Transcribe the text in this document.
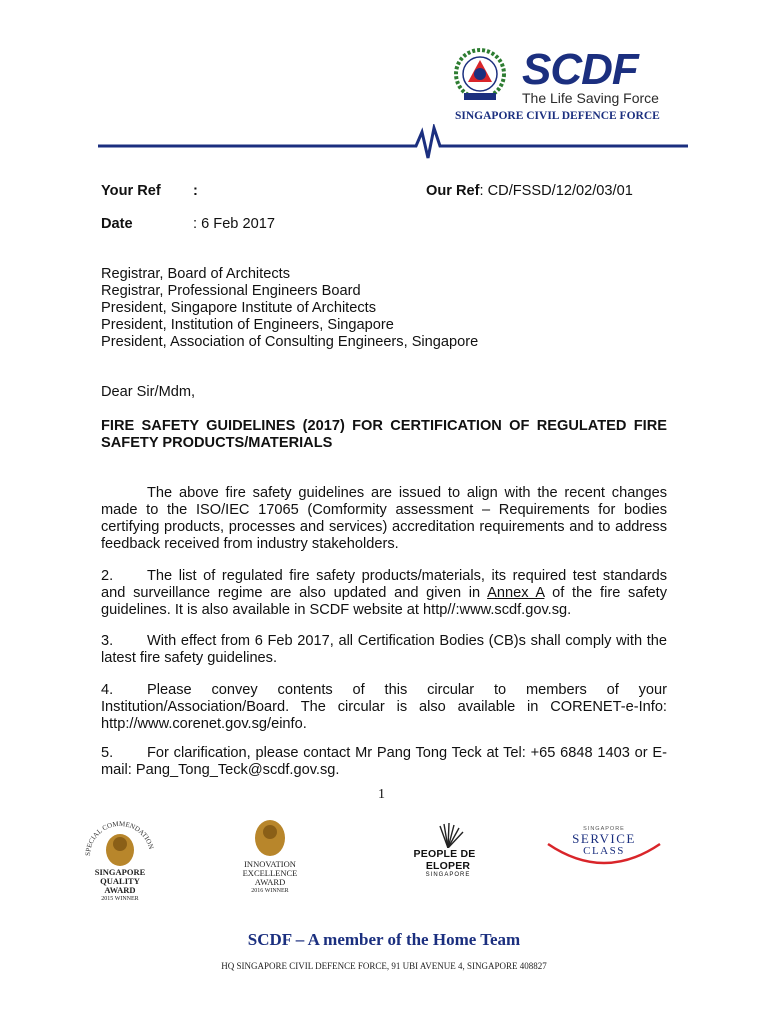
SCDF
The Life Saving Force
SINGAPORE CIVIL DEFENCE FORCE
Your Ref :	Our Ref: CD/FSSD/12/02/03/01
Date	: 6 Feb 2017
Registrar, Board of Architects
Registrar, Professional Engineers Board
President, Singapore Institute of Architects
President, Institution of Engineers, Singapore
President, Association of Consulting Engineers, Singapore
Dear Sir/Mdm,
FIRE SAFETY GUIDELINES (2017) FOR CERTIFICATION OF REGULATED FIRE SAFETY PRODUCTS/MATERIALS
The above fire safety guidelines are issued to align with the recent changes made to the ISO/IEC 17065 (Comformity assessment – Requirements for bodies certifying products, processes and services) accreditation requirements and to address feedback received from industry stakeholders.
2. The list of regulated fire safety products/materials, its required test standards and surveillance regime are also updated and given in Annex A of the fire safety guidelines. It is also available in SCDF website at http//:www.scdf.gov.sg.
3. With effect from 6 Feb 2017, all Certification Bodies (CB)s shall comply with the latest fire safety guidelines.
4. Please convey contents of this circular to members of your Institution/Association/Board. The circular is also available in CORENET-e-Info: http://www.corenet.gov.sg/einfo.
5. For clarification, please contact Mr Pang Tong Teck at Tel: +65 6848 1403 or E-mail: Pang_Tong_Teck@scdf.gov.sg.
1
SPECIAL COMMENDATION
SINGAPORE
QUALITY
AWARD
2015 WINNER
INNOVATION
EXCELLENCE
AWARD
2016 WINNER
PEOPLE DEELOPER
SINGAPORE
SINGAPORE
SERVICE
CLASS
SCDF – A member of the Home Team
HQ SINGAPORE CIVIL DEFENCE FORCE, 91 UBI AVENUE 4, SINGAPORE 408827
